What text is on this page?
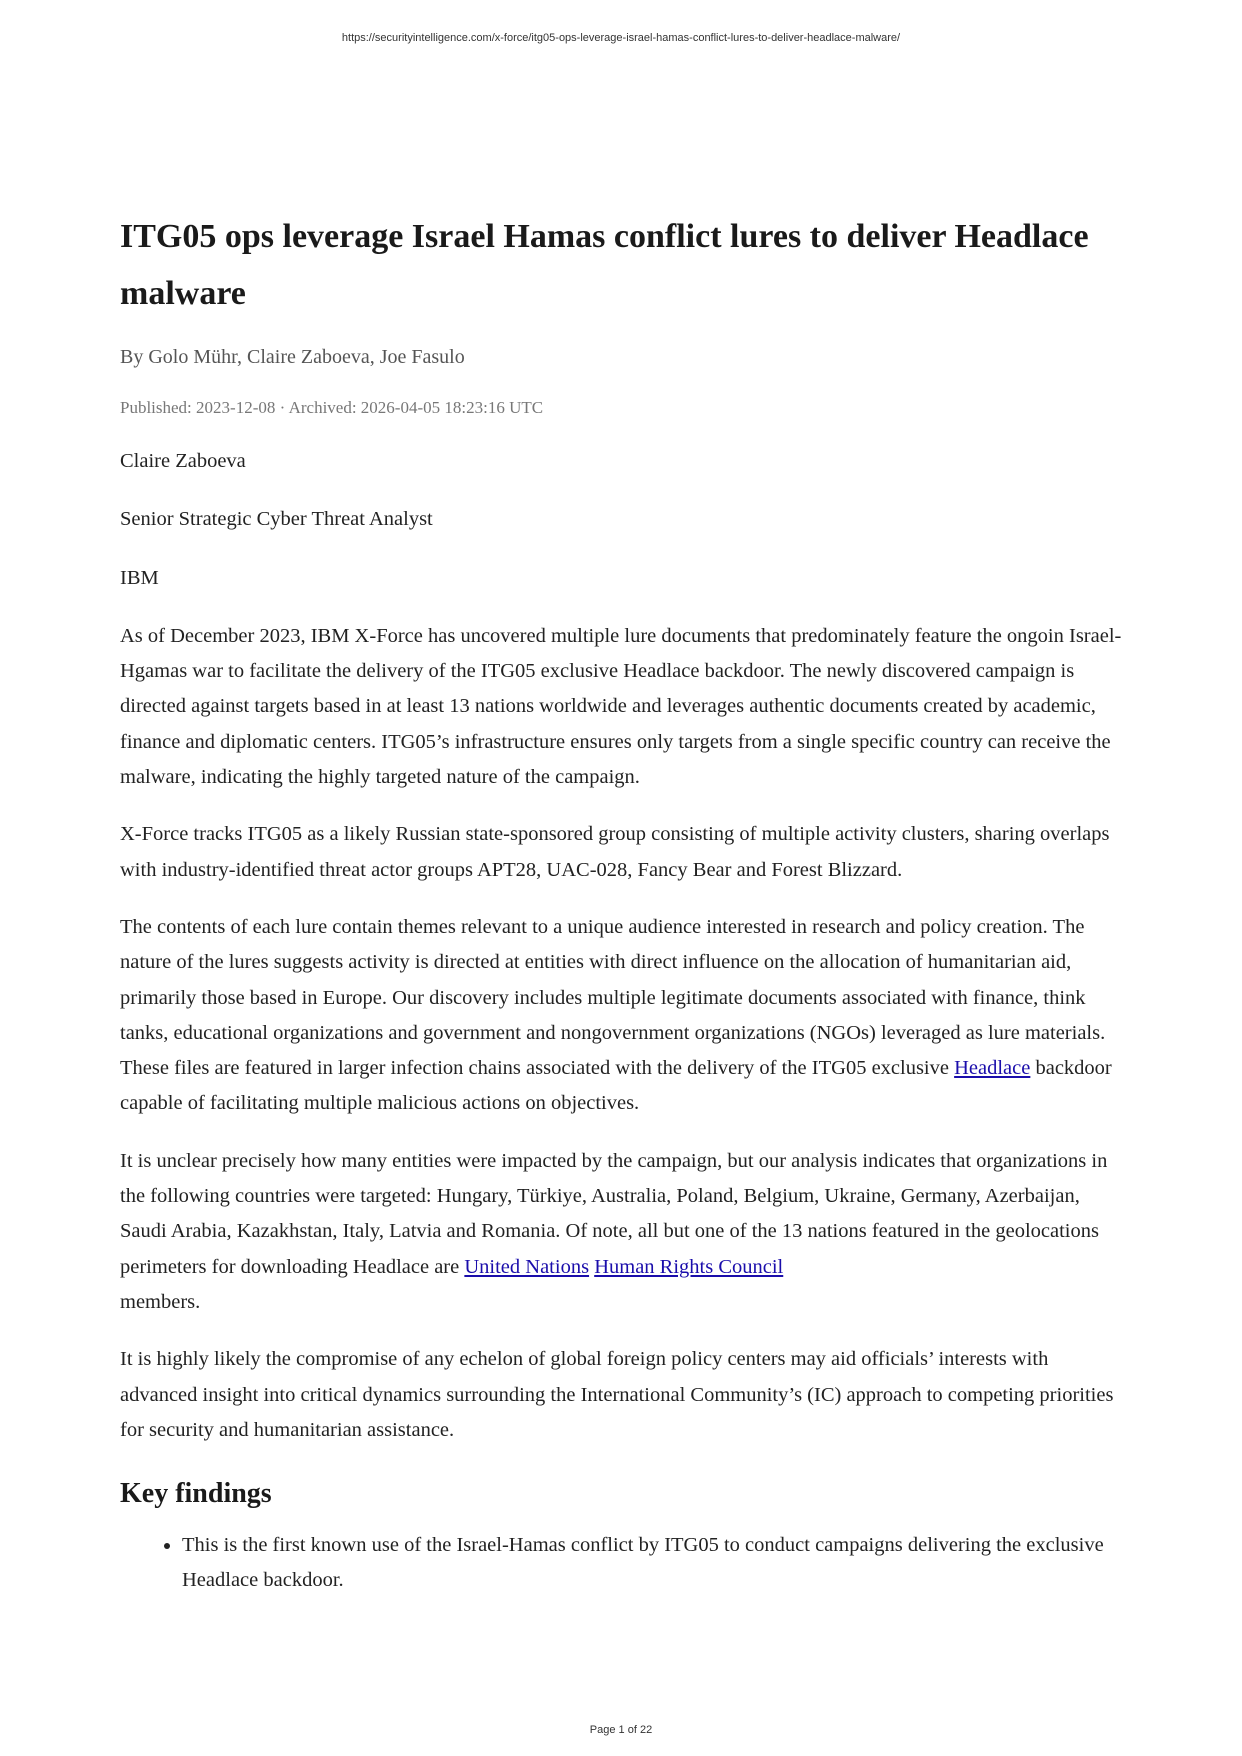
https://securityintelligence.com/x-force/itg05-ops-leverage-israel-hamas-conflict-lures-to-deliver-headlace-malware/
ITG05 ops leverage Israel Hamas conflict lures to deliver Headlace malware
By Golo Mühr, Claire Zaboeva, Joe Fasulo
Published: 2023-12-08 · Archived: 2026-04-05 18:23:16 UTC

Claire Zaboeva

Senior Strategic Cyber Threat Analyst

IBM

As of December 2023, IBM X-Force has uncovered multiple lure documents that predominately feature the ongoin Israel-Hgamas war to facilitate the delivery of the ITG05 exclusive Headlace backdoor. The newly discovered campaign is directed against targets based in at least 13 nations worldwide and leverages authentic documents created by academic, finance and diplomatic centers. ITG05’s infrastructure ensures only targets from a single specific country can receive the malware, indicating the highly targeted nature of the campaign.

X-Force tracks ITG05 as a likely Russian state-sponsored group consisting of multiple activity clusters, sharing overlaps with industry-identified threat actor groups APT28, UAC-028, Fancy Bear and Forest Blizzard.

The contents of each lure contain themes relevant to a unique audience interested in research and policy creation. The nature of the lures suggests activity is directed at entities with direct influence on the allocation of humanitarian aid, primarily those based in Europe. Our discovery includes multiple legitimate documents associated with finance, think tanks, educational organizations and government and nongovernment organizations (NGOs) leveraged as lure materials. These files are featured in larger infection chains associated with the delivery of the ITG05 exclusive Headlace backdoor capable of facilitating multiple malicious actions on objectives.

It is unclear precisely how many entities were impacted by the campaign, but our analysis indicates that organizations in the following countries were targeted: Hungary, Türkiye, Australia, Poland, Belgium, Ukraine, Germany, Azerbaijan, Saudi Arabia, Kazakhstan, Italy, Latvia and Romania. Of note, all but one of the 13 nations featured in the geolocations perimeters for downloading Headlace are United Nations Human Rights Council
members.

It is highly likely the compromise of any echelon of global foreign policy centers may aid officials’ interests with advanced insight into critical dynamics surrounding the International Community’s (IC) approach to competing priorities for security and humanitarian assistance.

Key findings
• This is the first known use of the Israel-Hamas conflict by ITG05 to conduct campaigns delivering the exclusive Headlace backdoor.
Page 1 of 22
